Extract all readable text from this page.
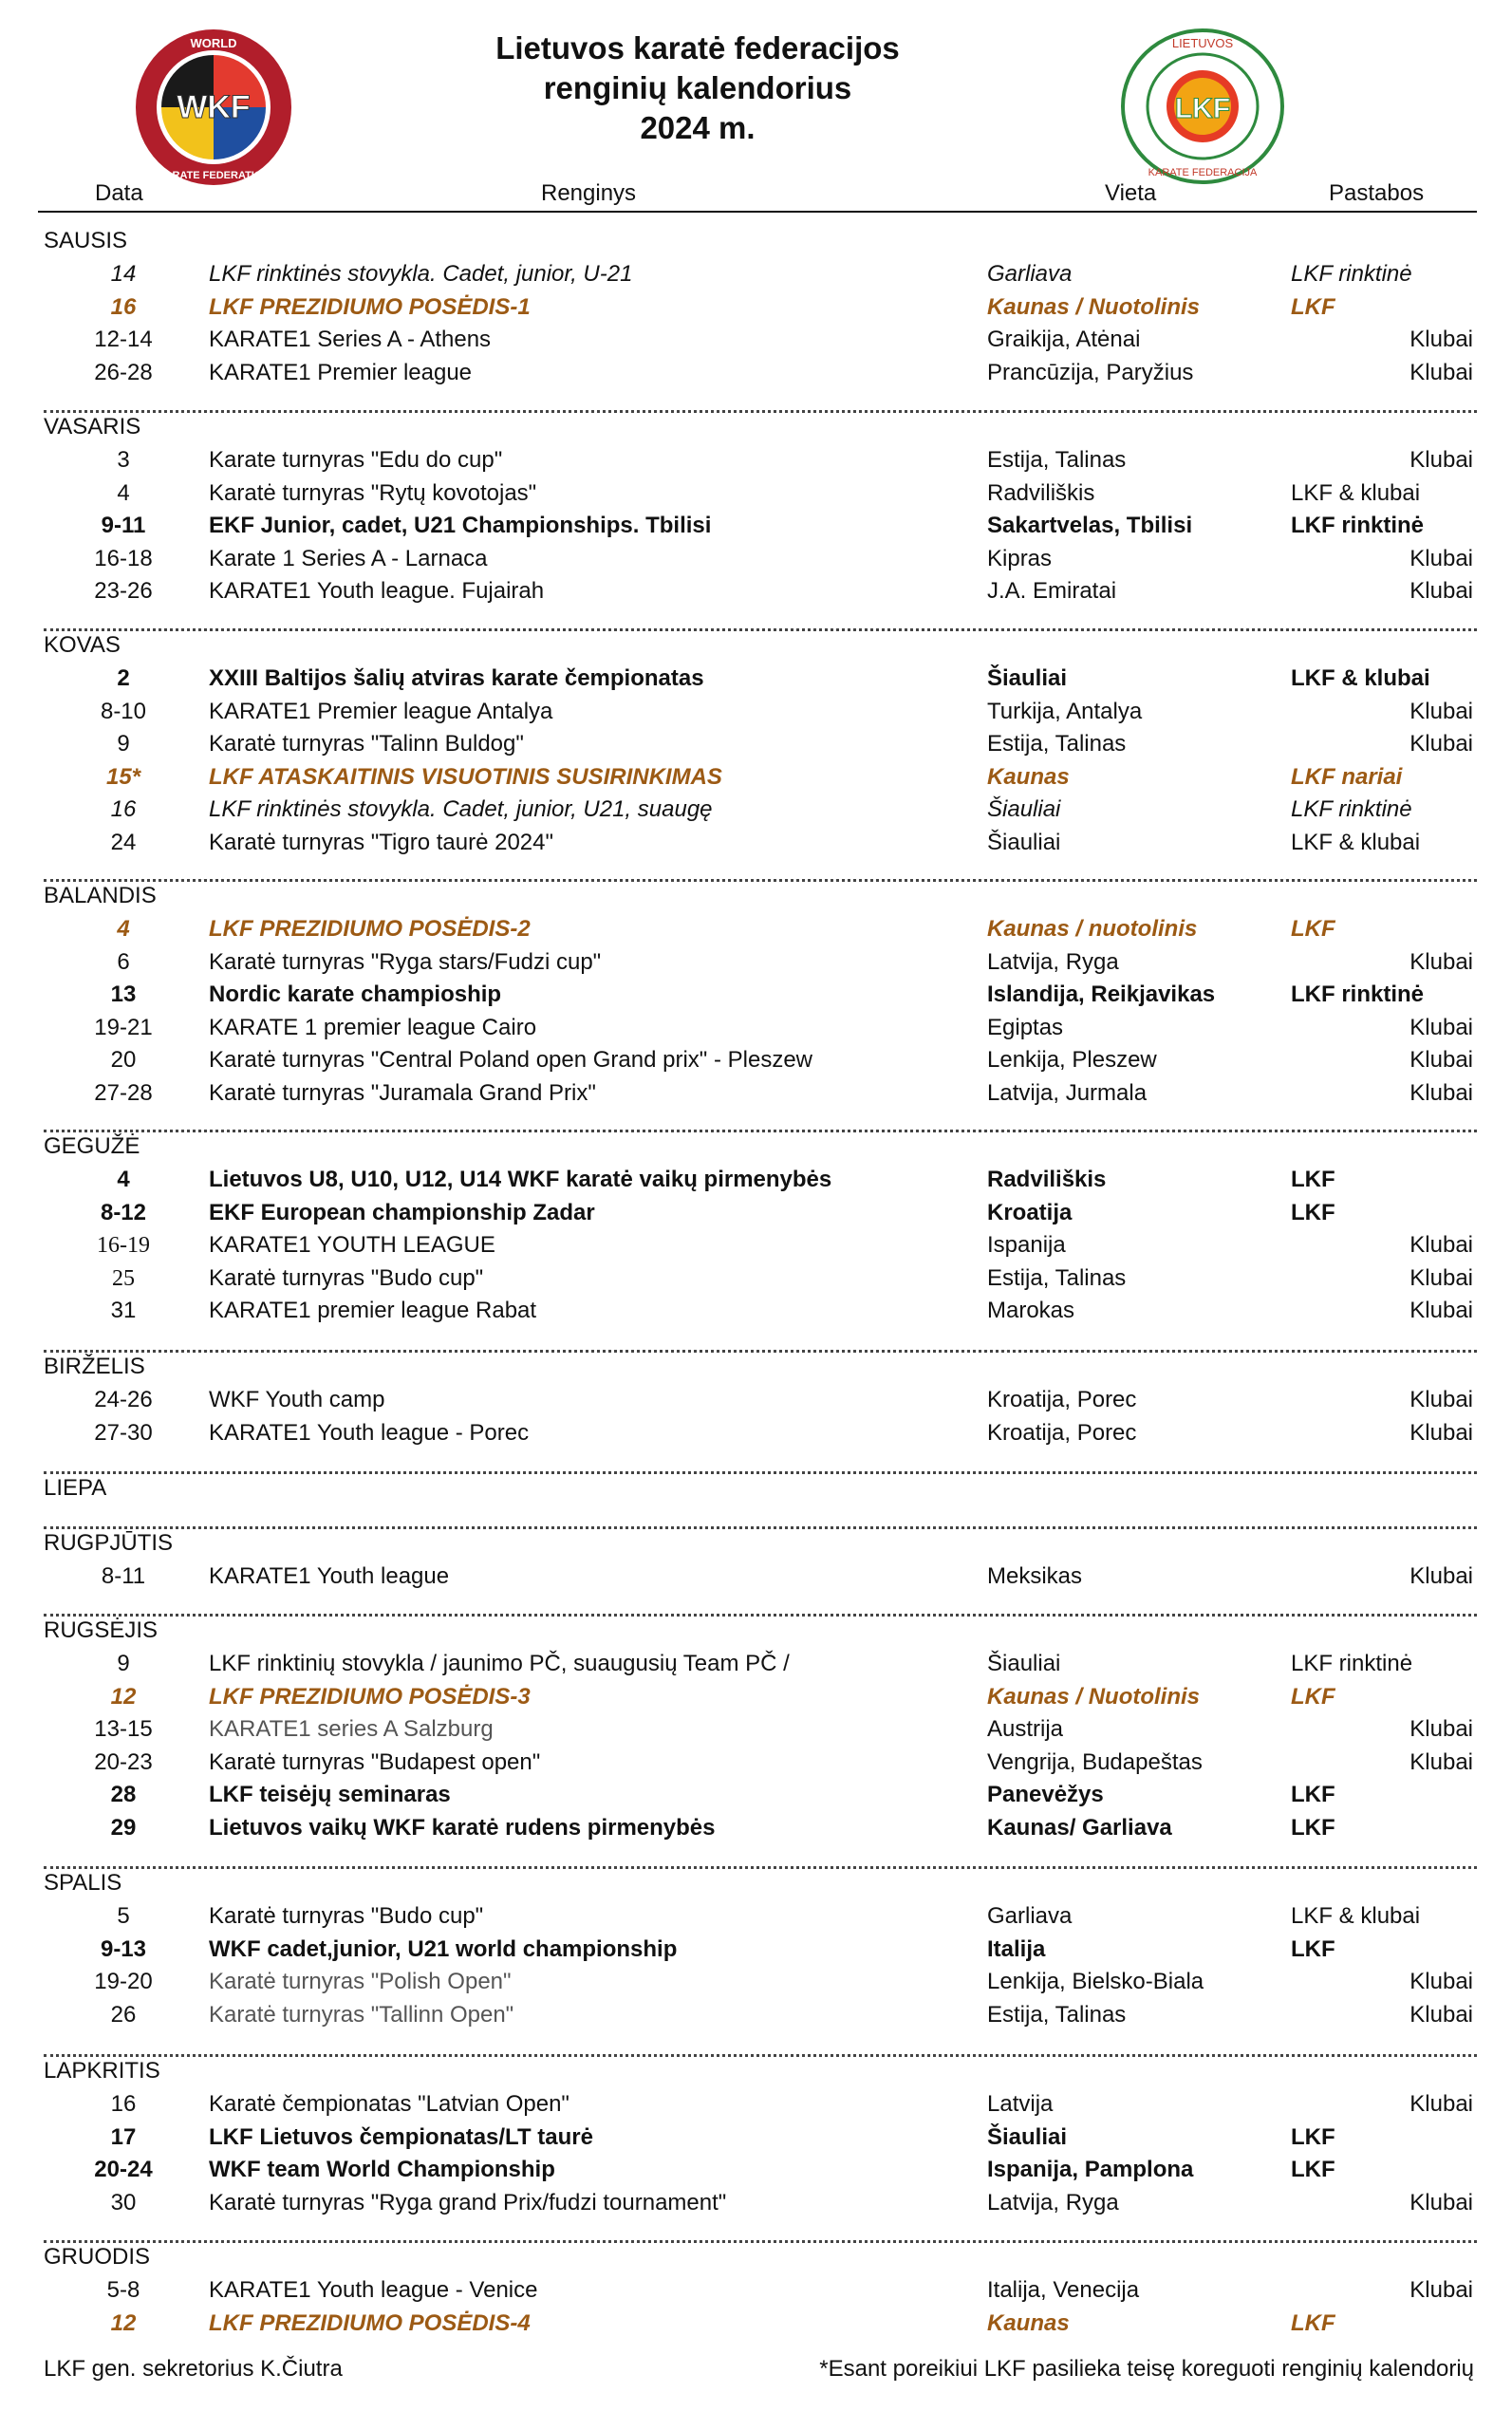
Lietuvos karatė federacijos
renginių kalendorius
2024 m.
WKF
WORLD
KARATE FEDERATION
LKF
LIETUVOS
KARATE FEDERACIJA
Data	Renginys	Vieta	Pastabos
SAUSIS
14	LKF rinktinės stovykla. Cadet, junior, U-21	Garliava	LKF rinktinė
16	LKF PREZIDIUMO POSĖDIS-1	Kaunas / Nuotolinis	LKF
12-14	KARATE1 Series A - Athens	Graikija, Atėnai	Klubai
26-28	KARATE1 Premier league	Prancūzija, Paryžius	Klubai
VASARIS
3	Karate turnyras "Edu do cup"	Estija, Talinas	Klubai
4	Karatė turnyras "Rytų kovotojas"	Radviliškis	LKF & klubai
9-11	EKF Junior, cadet, U21 Championships. Tbilisi	Sakartvelas, Tbilisi	LKF rinktinė
16-18	Karate 1 Series A - Larnaca	Kipras	Klubai
23-26	KARATE1 Youth league. Fujairah	J.A. Emiratai	Klubai
KOVAS
2	XXIII Baltijos šalių atviras karate čempionatas	Šiauliai	LKF & klubai
8-10	KARATE1 Premier league Antalya	Turkija, Antalya	Klubai
9	Karatė turnyras "Talinn Buldog"	Estija, Talinas	Klubai
15*	LKF ATASKAITINIS VISUOTINIS SUSIRINKIMAS	Kaunas	LKF nariai
16	LKF rinktinės stovykla. Cadet, junior, U21, suaugę	Šiauliai	LKF rinktinė
24	Karatė turnyras "Tigro taurė 2024"	Šiauliai	LKF & klubai
BALANDIS
4	LKF PREZIDIUMO POSĖDIS-2	Kaunas / nuotolinis	LKF
6	Karatė turnyras "Ryga stars/Fudzi cup"	Latvija, Ryga	Klubai
13	Nordic karate champioship	Islandija, Reikjavikas	LKF rinktinė
19-21	KARATE 1 premier league Cairo	Egiptas	Klubai
20	Karatė turnyras "Central Poland open Grand prix" - Pleszew	Lenkija, Pleszew	Klubai
27-28	Karatė turnyras "Juramala Grand Prix"	Latvija, Jurmala	Klubai
GEGUŽĖ
4	Lietuvos U8, U10, U12, U14 WKF karatė vaikų pirmenybės	Radviliškis	LKF
8-12	EKF European championship Zadar	Kroatija	LKF
16-19	KARATE1 YOUTH LEAGUE	Ispanija	Klubai
25	Karatė turnyras "Budo cup"	Estija, Talinas	Klubai
31	KARATE1 premier league Rabat	Marokas	Klubai
BIRŽELIS
24-26	WKF Youth camp	Kroatija, Porec	Klubai
27-30	KARATE1 Youth league - Porec	Kroatija, Porec	Klubai
LIEPA
RUGPJŪTIS
8-11	KARATE1 Youth league	Meksikas	Klubai
RUGSĖJIS
9	LKF rinktinių stovykla / jaunimo PČ, suaugusių Team PČ /	Šiauliai	LKF rinktinė
12	LKF PREZIDIUMO POSĖDIS-3	Kaunas / Nuotolinis	LKF
13-15	KARATE1 series A Salzburg	Austrija	Klubai
20-23	Karatė turnyras "Budapest open"	Vengrija, Budapeštas	Klubai
28	LKF teisėjų seminaras	Panevėžys	LKF
29	Lietuvos vaikų WKF karatė rudens pirmenybės	Kaunas/ Garliava	LKF
SPALIS
5	Karatė turnyras "Budo cup"	Garliava	LKF & klubai
9-13	WKF cadet,junior, U21 world championship	Italija	LKF
19-20	Karatė turnyras "Polish Open"	Lenkija, Bielsko-Biala	Klubai
26	Karatė turnyras "Tallinn Open"	Estija, Talinas	Klubai
LAPKRITIS
16	Karatė čempionatas "Latvian Open"	Latvija	Klubai
17	LKF Lietuvos čempionatas/LT taurė	Šiauliai	LKF
20-24	WKF team World Championship	Ispanija, Pamplona	LKF
30	Karatė turnyras "Ryga grand Prix/fudzi tournament"	Latvija, Ryga	Klubai
GRUODIS
5-8	KARATE1 Youth league - Venice	Italija, Venecija	Klubai
12	LKF PREZIDIUMO POSĖDIS-4	Kaunas	LKF
LKF gen. sekretorius K.Čiutra	*Esant poreikiui LKF pasilieka teisę koreguoti renginių kalendorių
